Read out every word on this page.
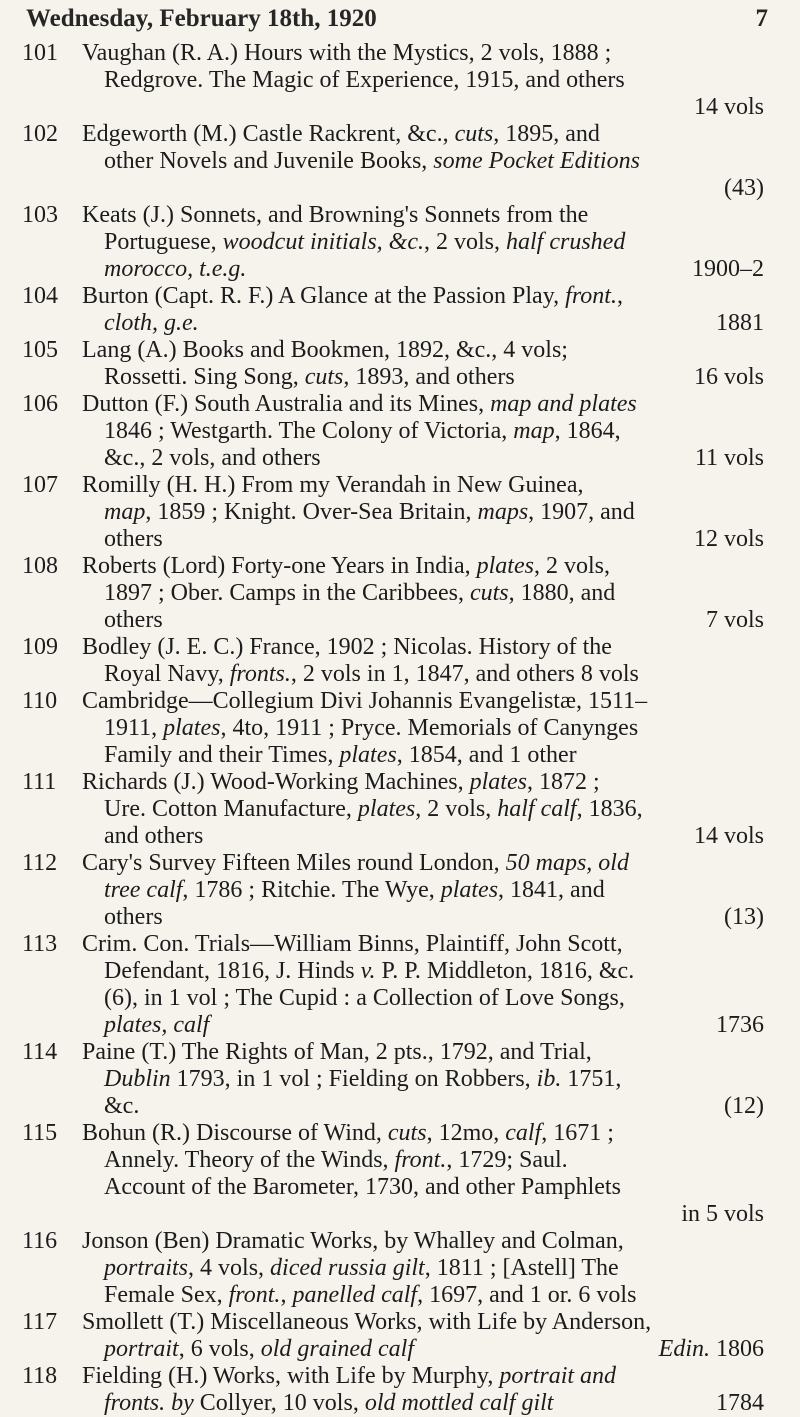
Wednesday, February 18th, 1920	7
101	Vaughan (R. A.) Hours with the Mystics, 2 vols, 1888 ;
Redgrove. The Magic of Experience, 1915, and others
14 vols
102	Edgeworth (M.) Castle Rackrent, &c., cuts, 1895, and
other Novels and Juvenile Books, some Pocket Editions
(43)
103	Keats (J.) Sonnets, and Browning's Sonnets from the
Portuguese, woodcut initials, &c., 2 vols, half crushed
morocco, t.e.g.	1900–2
104	Burton (Capt. R. F.) A Glance at the Passion Play, front.,
cloth, g.e.	1881
105	Lang (A.) Books and Bookmen, 1892, &c., 4 vols;
Rossetti. Sing Song, cuts, 1893, and others	16 vols
106	Dutton (F.) South Australia and its Mines, map and plates
1846 ; Westgarth. The Colony of Victoria, map, 1864,
&c., 2 vols, and others	11 vols
107	Romilly (H. H.) From my Verandah in New Guinea,
map, 1859 ; Knight. Over-Sea Britain, maps, 1907, and
others	12 vols
108	Roberts (Lord) Forty-one Years in India, plates, 2 vols,
1897 ; Ober. Camps in the Caribbees, cuts, 1880, and
others	7 vols
109	Bodley (J. E. C.) France, 1902 ; Nicolas. History of the
Royal Navy, fronts., 2 vols in 1, 1847, and others 8 vols
110	Cambridge—Collegium Divi Johannis Evangelistæ, 1511–
1911, plates, 4to, 1911 ; Pryce. Memorials of Canynges
Family and their Times, plates, 1854, and 1 other
111	Richards (J.) Wood-Working Machines, plates, 1872 ;
Ure. Cotton Manufacture, plates, 2 vols, half calf, 1836,
and others	14 vols
112	Cary's Survey Fifteen Miles round London, 50 maps, old
tree calf, 1786 ; Ritchie. The Wye, plates, 1841, and
others	(13)
113	Crim. Con. Trials—William Binns, Plaintiff, John Scott,
Defendant, 1816, J. Hinds v. P. P. Middleton, 1816, &c.
(6), in 1 vol ; The Cupid : a Collection of Love Songs,
plates, calf	1736
114	Paine (T.) The Rights of Man, 2 pts., 1792, and Trial,
Dublin 1793, in 1 vol ; Fielding on Robbers, ib. 1751,
&c.	(12)
115	Bohun (R.) Discourse of Wind, cuts, 12mo, calf, 1671 ;
Annely. Theory of the Winds, front., 1729; Saul.
Account of the Barometer, 1730, and other Pamphlets
in 5 vols
116	Jonson (Ben) Dramatic Works, by Whalley and Colman,
portraits, 4 vols, diced russia gilt, 1811 ; [Astell] The
Female Sex, front., panelled calf, 1697, and 1 or. 6 vols
117	Smollett (T.) Miscellaneous Works, with Life by Anderson,
portrait, 6 vols, old grained calf	Edin. 1806
118	Fielding (H.) Works, with Life by Murphy, portrait and
fronts. by Collyer, 10 vols, old mottled calf gilt	1784
